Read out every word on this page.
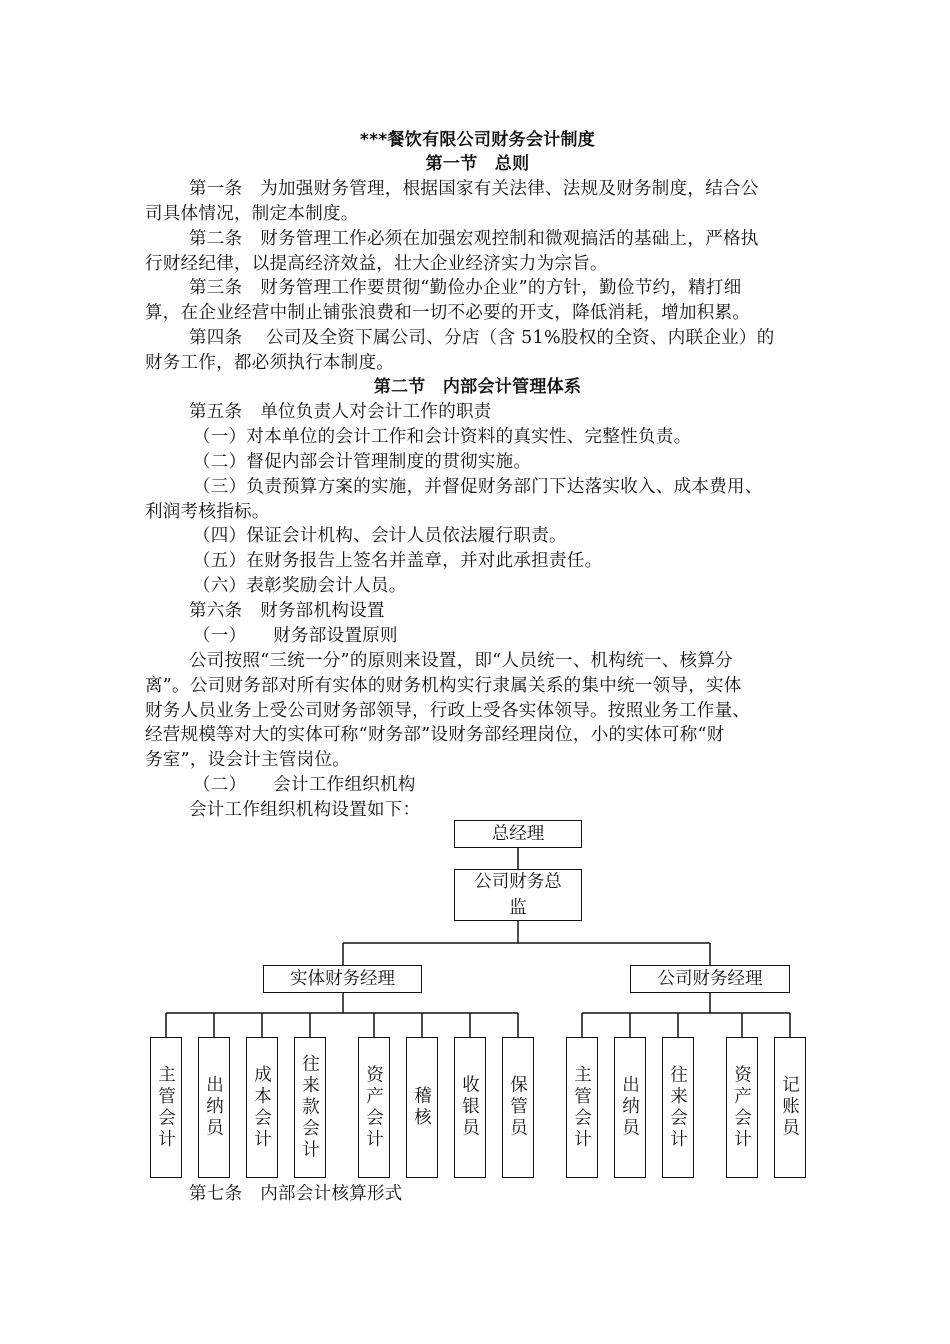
***餐饮有限公司财务会计制度
第一节　总则
第一条　为加强财务管理，根据国家有关法律、法规及财务制度，结合公
司具体情况，制定本制度。
第二条　财务管理工作必须在加强宏观控制和微观搞活的基础上，严格执
行财经纪律，以提高经济效益，壮大企业经济实力为宗旨。
第三条　财务管理工作要贯彻“勤俭办企业”的方针，勤俭节约，精打细
算，在企业经营中制止铺张浪费和一切不必要的开支，降低消耗，增加积累。
第四条　 公司及全资下属公司、分店（含 51%股权的全资、内联企业）的
财务工作，都必须执行本制度。
第二节　内部会计管理体系
第五条　单位负责人对会计工作的职责
（一）对本单位的会计工作和会计资料的真实性、完整性负责。
（二）督促内部会计管理制度的贯彻实施。
（三）负责预算方案的实施，并督促财务部门下达落实收入、成本费用、
利润考核指标。
（四）保证会计机构、会计人员依法履行职责。
（五）在财务报告上签名并盖章，并对此承担责任。
（六）表彰奖励会计人员。
第六条　财务部机构设置
（一）　　财务部设置原则
公司按照“三统一分”的原则来设置，即“人员统一、机构统一、核算分
离”。公司财务部对所有实体的财务机构实行隶属关系的集中统一领导，实体
财务人员业务上受公司财务部领导，行政上受各实体领导。按照业务工作量、
经营规模等对大的实体可称“财务部”设财务部经理岗位，小的实体可称“财
务室”，设会计主管岗位。
（二）　　会计工作组织机构
会计工作组织机构设置如下：
总经理
公司财务总监
实体财务经理	公司财务经理
主管会计 出纳员 成本会计 往来款会计	资产会计 稽核 收银员 保管员	主管会计 出纳员 往来会计	资产会计 记账员
第七条　内部会计核算形式
